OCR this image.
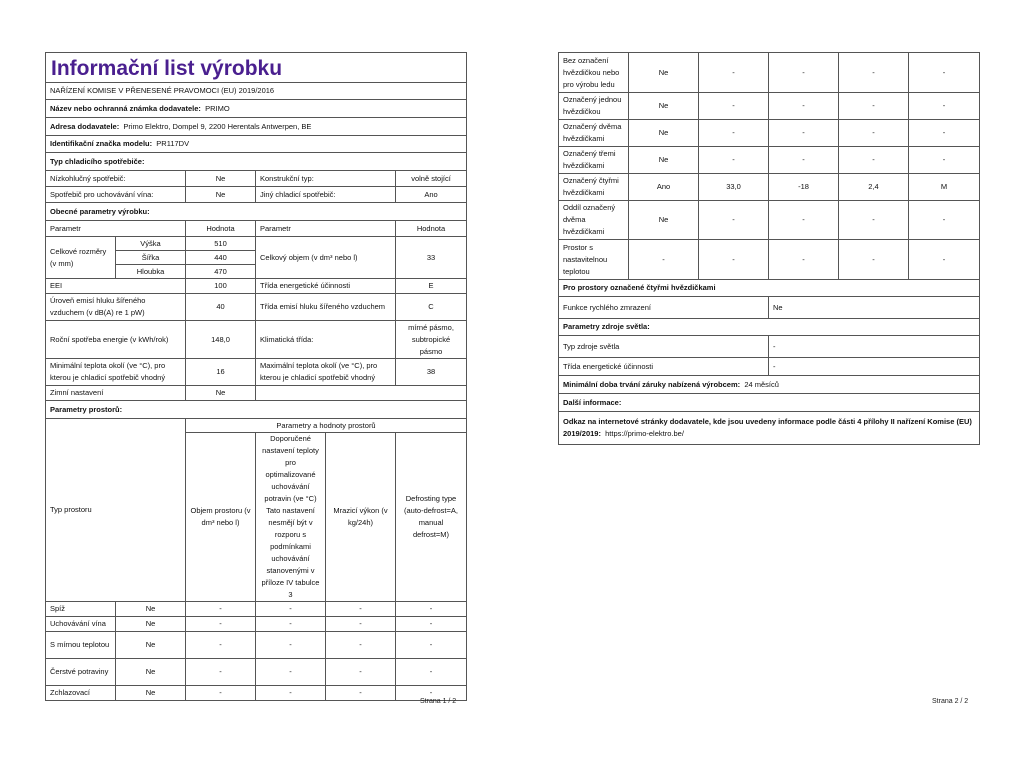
Informační list výrobku					
NAŘÍZENÍ KOMISE V PŘENESENÉ PRAVOMOCI (EU) 2019/2016					
Název nebo ochranná známka dodavatele: PRIMO					
Adresa dodavatele: Primo Elektro, Dompel 9, 2200 Herentals Antwerpen, BE					
Identifikační značka modelu: PR117DV					
Typ chladicího spotřebiče:					
Nízkohlučný spotřebič:		Ne	Konstrukční typ:		volně stojící
Spotřebič pro uchovávání vína:		Ne	Jiný chladicí spotřebič:		Ano
Obecné parametry výrobku:					
Parametr		Hodnota	Parametr		Hodnota
Celkové rozměry (v mm)	Výška	510	Celkový objem (v dm³ nebo l)		33
	Šířka	440			
	Hloubka	470			
EEI		100	Třída energetické účinnosti		E
Úroveň emisí hluku šířeného vzduchem (v dB(A) re 1 pW)		40	Třída emisí hluku šířeného vzduchem		C
Roční spotřeba energie (v kWh/rok)		148,0	Klimatická třída:		mírné pásmo, subtropické pásmo
Minimální teplota okolí (ve °C), pro kterou je chladicí spotřebič vhodný		16	Maximální teplota okolí (ve °C), pro kterou je chladicí spotřebič vhodný		38
Zimní nastavení		Ne			
Parametry prostorů:					
Typ prostoru		Parametry a hodnoty prostorů			
		Objem prostoru (v dm³ nebo l)	Doporučené nastavení teploty pro optimalizované uchovávání potravin (ve °C) Tato nastavení nesmějí být v rozporu s podmínkami uchovávání stanovenými v příloze IV tabulce 3	Mrazicí výkon (v kg/24h)	Defrosting type (auto-defrost=A, manual defrost=M)
Spíž	Ne	-	-	-	-
Uchovávání vína	Ne	-	-	-	-
S mírnou teplotou	Ne	-	-	-	-
Čerstvé potraviny	Ne	-	-	-	-
Zchlazovací	Ne	-	-	-	-
Strana 1 / 2
Bez označení hvězdičkou nebo pro výrobu ledu	Ne	-	-	-	-
Označený jednou hvězdičkou	Ne	-	-	-	-
Označený dvěma hvězdičkami	Ne	-	-	-	-
Označený třemi hvězdičkami	Ne	-	-	-	-
Označený čtyřmi hvězdičkami	Ano	33,0	-18	2,4	M
Oddíl označený dvěma hvězdičkami	Ne	-	-	-	-
Prostor s nastavitelnou teplotou	-	-	-	-	-
Pro prostory označené čtyřmi hvězdičkami					
Funkce rychlého zmrazení			Ne		
Parametry zdroje světla:					
Typ zdroje světla			-		
Třída energetické účinnosti			-		
Minimální doba trvání záruky nabízená výrobcem: 24 měsíců					
Další informace:					
Odkaz na internetové stránky dodavatele, kde jsou uvedeny informace podle části 4 přílohy II nařízení Komise (EU) 2019/2019: https://primo-elektro.be/					
Strana 2 / 2
